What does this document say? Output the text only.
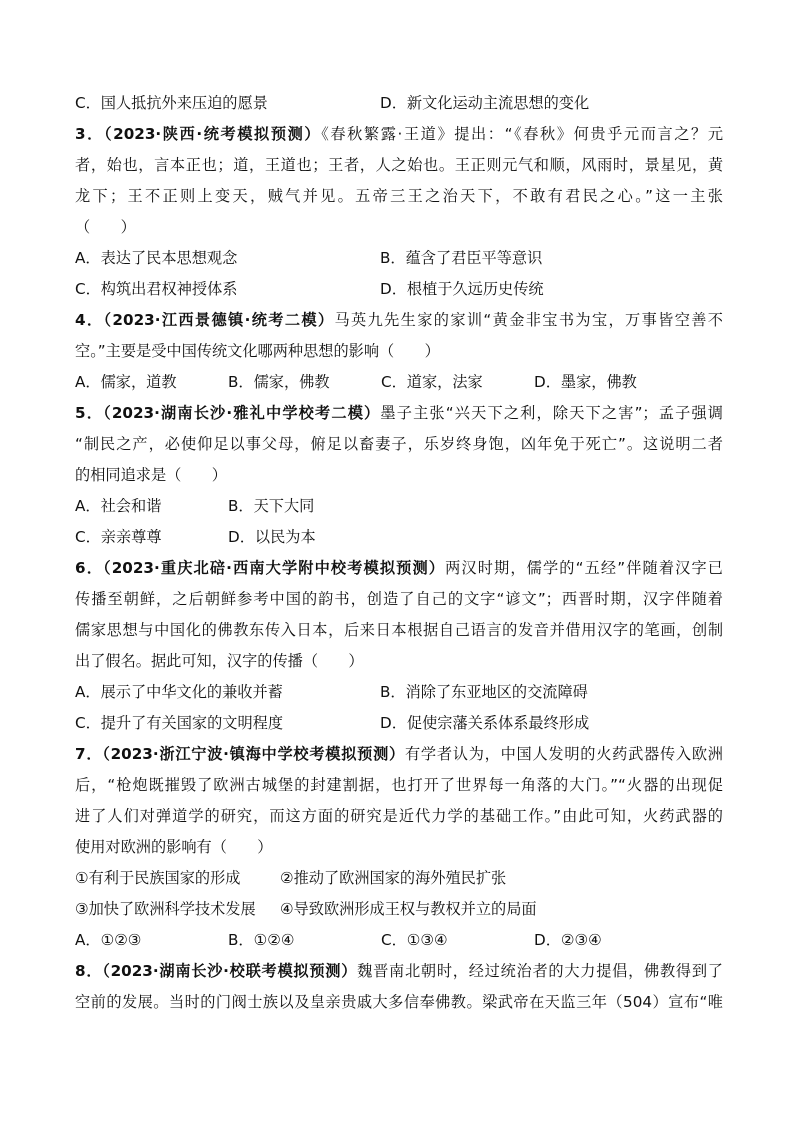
C．国人抵抗外来压迫的愿景	D．新文化运动主流思想的变化
3．（2023·陕西·统考模拟预测）《春秋繁露·王道》提出：“《春秋》何贵乎元而言之？元
者，始也，言本正也；道，王道也；王者，人之始也。王正则元气和顺，风雨时，景星见，黄
龙下；王不正则上变天，贼气并见。五帝三王之治天下，不敢有君民之心。”这一主张
（　　）
A．表达了民本思想观念	B．蕴含了君臣平等意识
C．构筑出君权神授体系	D．根植于久远历史传统
4．（2023·江西景德镇·统考二模）马英九先生家的家训“黄金非宝书为宝，万事皆空善不
空。”主要是受中国传统文化哪两种思想的影响（　　）
A．儒家，道教	B．儒家，佛教	C．道家，法家	D．墨家，佛教
5．（2023·湖南长沙·雅礼中学校考二模）墨子主张“兴天下之利，除天下之害”；孟子强调
“制民之产，必使仰足以事父母，俯足以畜妻子，乐岁终身饱，凶年免于死亡”。这说明二者
的相同追求是（　　）
A．社会和谐	B．天下大同
C．亲亲尊尊	D．以民为本
6．（2023·重庆北碚·西南大学附中校考模拟预测）两汉时期，儒学的“五经”伴随着汉字已
传播至朝鲜，之后朝鲜参考中国的韵书，创造了自己的文字“谚文”；西晋时期，汉字伴随着
儒家思想与中国化的佛教东传入日本，后来日本根据自己语言的发音并借用汉字的笔画，创制
出了假名。据此可知，汉字的传播（　　）
A．展示了中华文化的兼收并蓄	B．消除了东亚地区的交流障碍
C．提升了有关国家的文明程度	D．促使宗藩关系体系最终形成
7．（2023·浙江宁波·镇海中学校考模拟预测）有学者认为，中国人发明的火药武器传入欧洲
后，“枪炮既摧毁了欧洲古城堡的封建割据，也打开了世界每一角落的大门。”“火器的出现促
进了人们对弹道学的研究，而这方面的研究是近代力学的基础工作。”由此可知，火药武器的
使用对欧洲的影响有（　　）
①有利于民族国家的形成	②推动了欧洲国家的海外殖民扩张
③加快了欧洲科学技术发展	④导致欧洲形成王权与教权并立的局面
A．①②③	B．①②④	C．①③④	D．②③④
8．（2023·湖南长沙·校联考模拟预测）魏晋南北朝时，经过统治者的大力提倡，佛教得到了
空前的发展。当时的门阀士族以及皇亲贵戚大多信奉佛教。梁武帝在天监三年（504）宣布“唯
